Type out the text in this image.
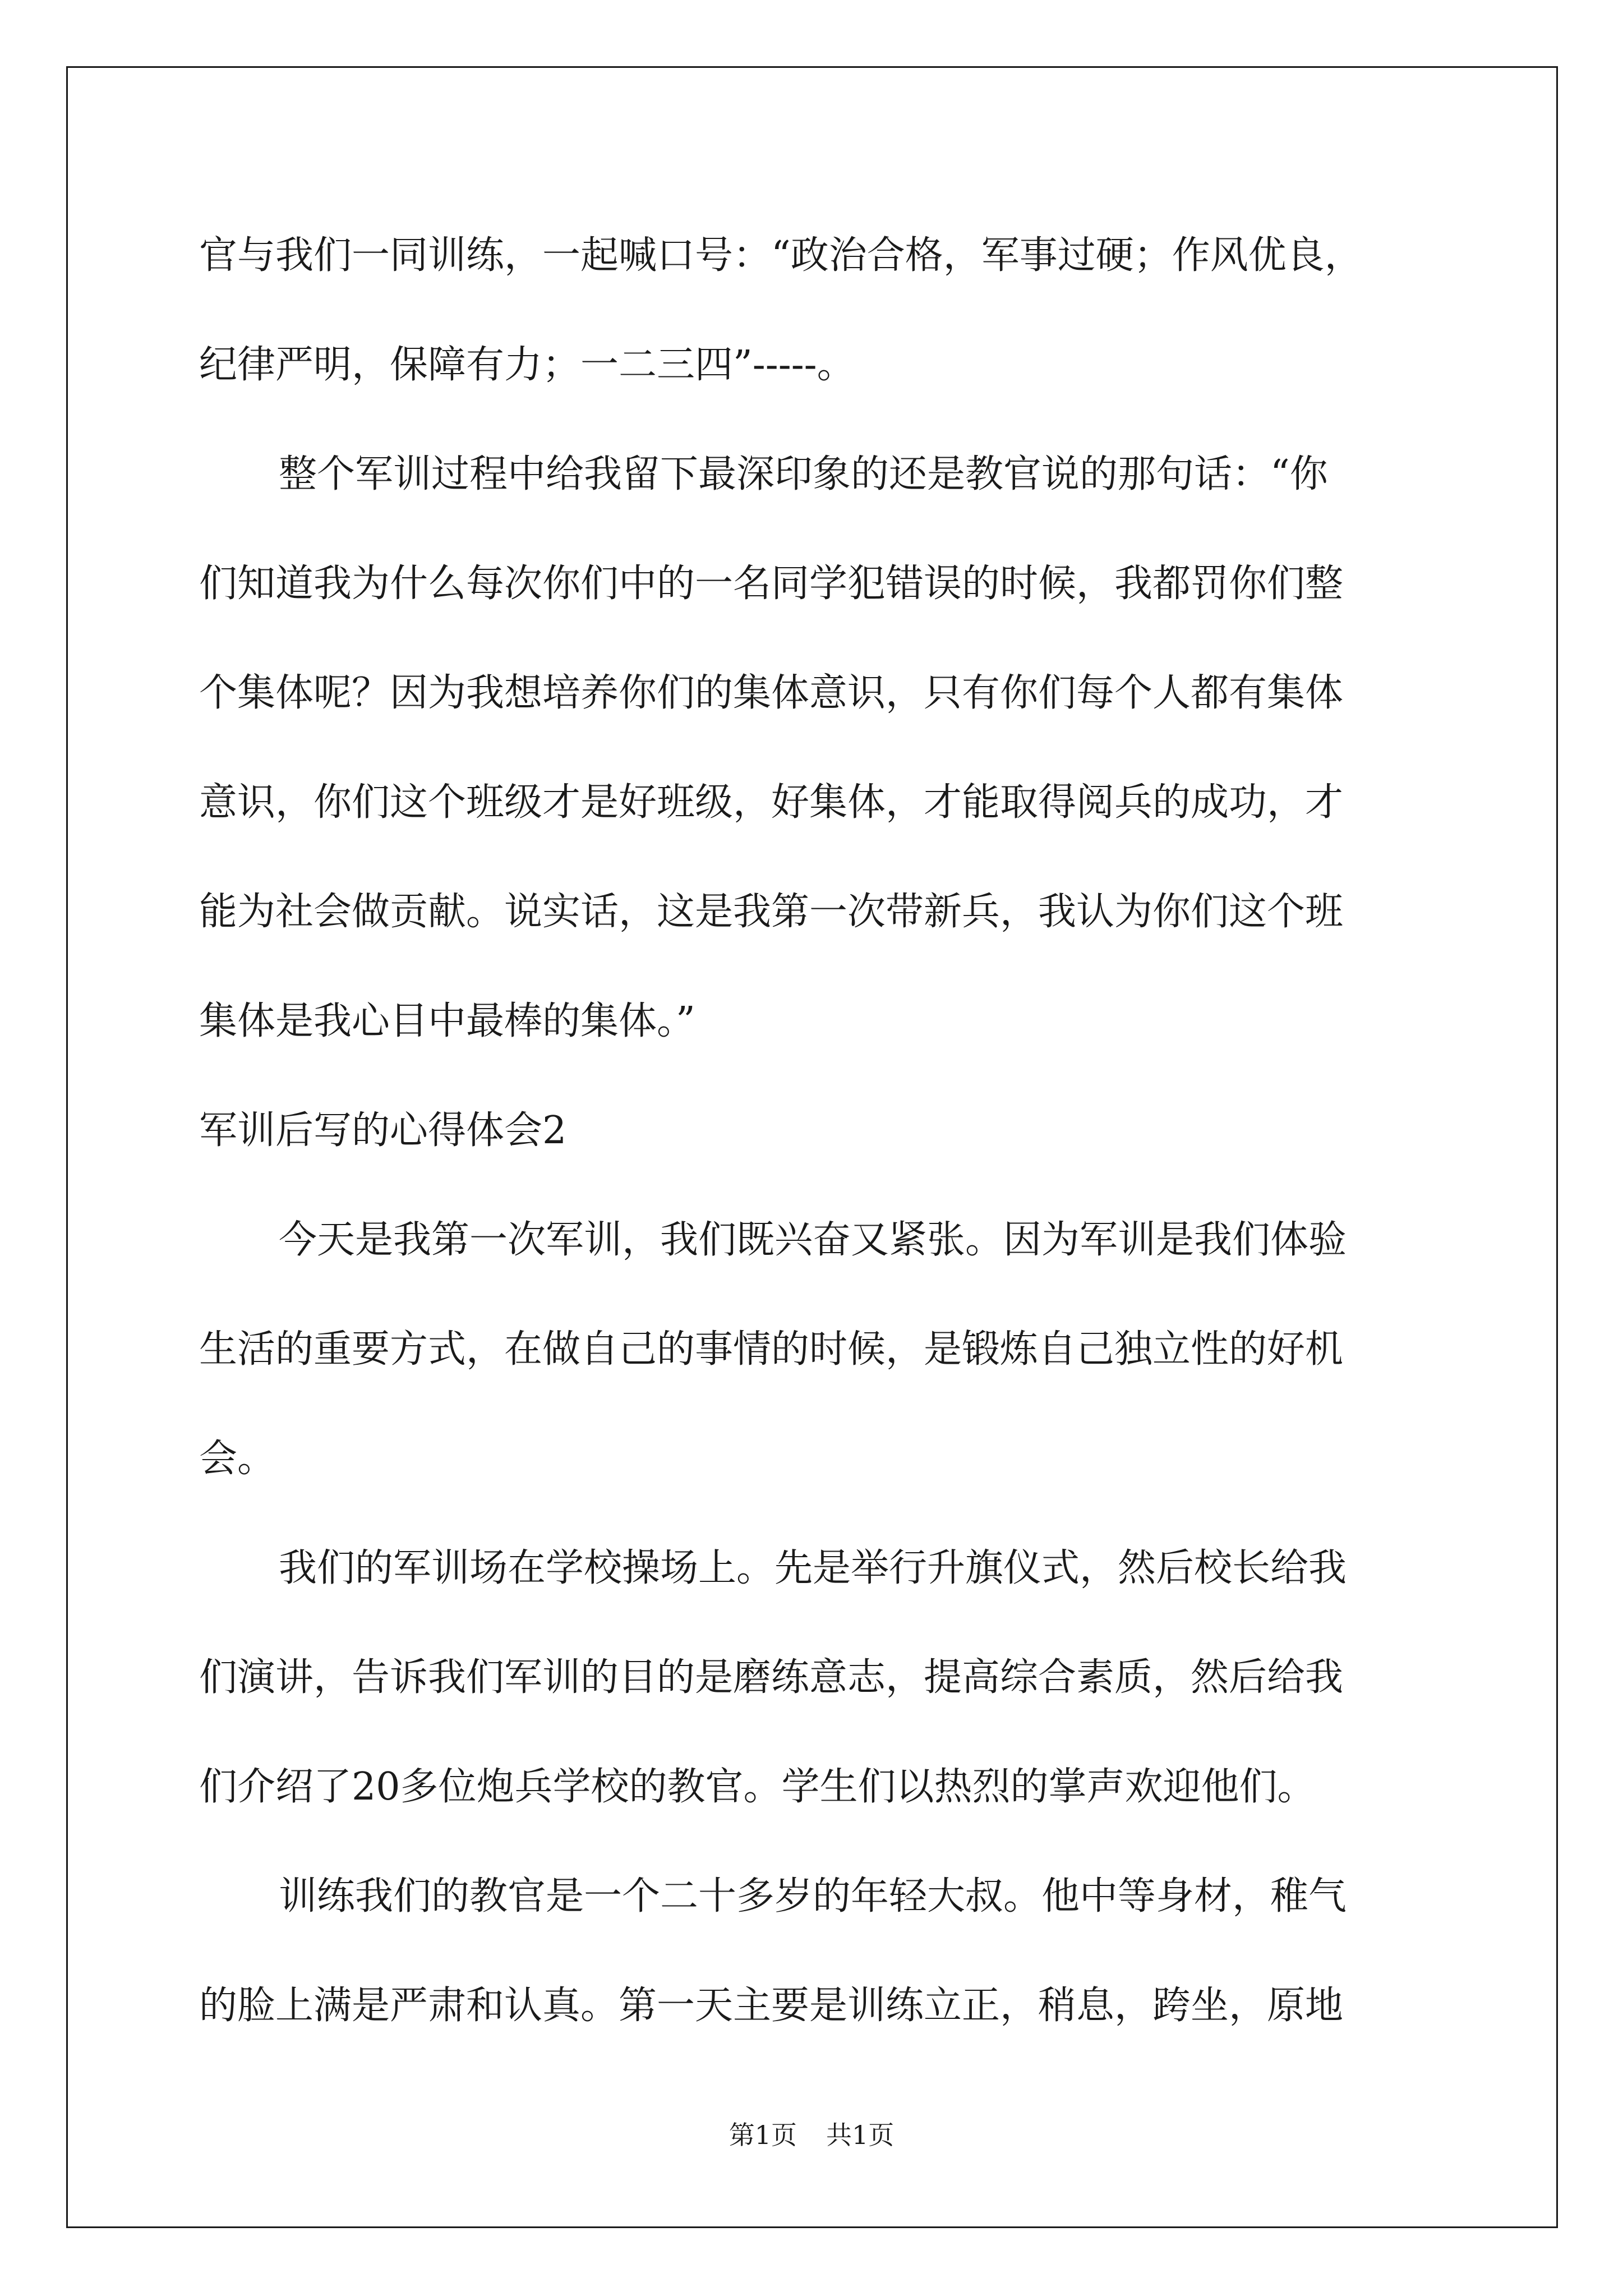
官与我们一同训练，一起喊口号：“政治合格，军事过硬；作风优良，
纪律严明，保障有力；一二三四”-----。
整个军训过程中给我留下最深印象的还是教官说的那句话：“你
们知道我为什么每次你们中的一名同学犯错误的时候，我都罚你们整
个集体呢？因为我想培养你们的集体意识，只有你们每个人都有集体
意识，你们这个班级才是好班级，好集体，才能取得阅兵的成功，才
能为社会做贡献。说实话，这是我第一次带新兵，我认为你们这个班
集体是我心目中最棒的集体。”
军训后写的心得体会2
今天是我第一次军训，我们既兴奋又紧张。因为军训是我们体验
生活的重要方式，在做自己的事情的时候，是锻炼自己独立性的好机
会。
我们的军训场在学校操场上。先是举行升旗仪式，然后校长给我
们演讲，告诉我们军训的目的是磨练意志，提高综合素质，然后给我
们介绍了20多位炮兵学校的教官。学生们以热烈的掌声欢迎他们。
训练我们的教官是一个二十多岁的年轻大叔。他中等身材，稚气
的脸上满是严肃和认真。第一天主要是训练立正，稍息，跨坐，原地
第1页 共1页
